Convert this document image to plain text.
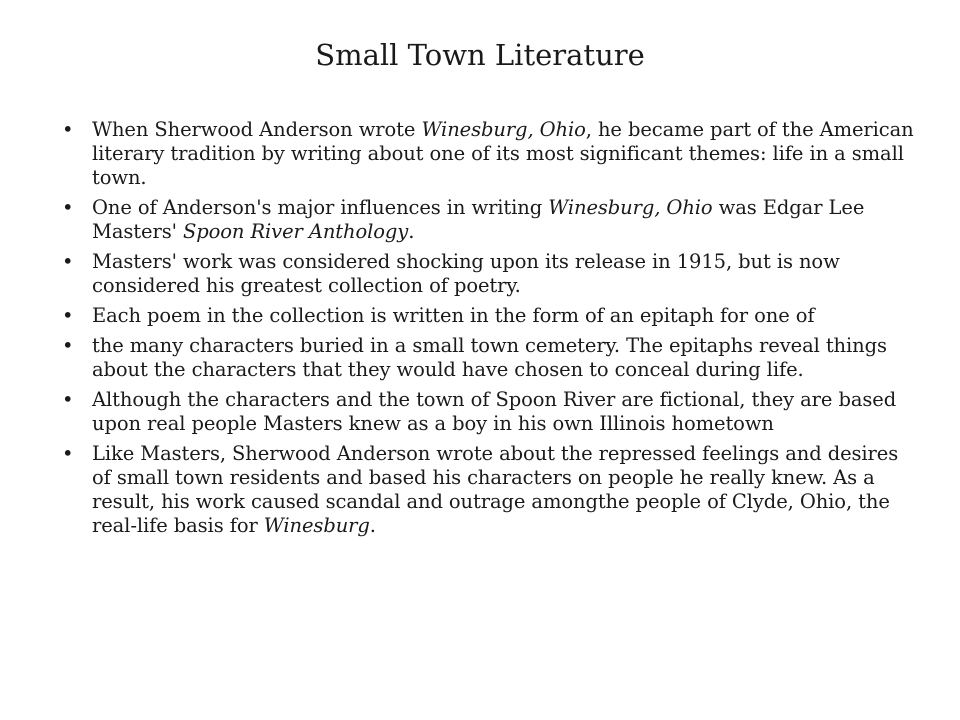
Small Town Literature
• When Sherwood Anderson wrote Winesburg, Ohio, he became part of the American literary tradition by writing about one of its most significant themes: life in a small town.
• One of Anderson's major influences in writing Winesburg, Ohio was Edgar Lee Masters' Spoon River Anthology.
• Masters' work was considered shocking upon its release in 1915, but is now considered his greatest collection of poetry.
• Each poem in the collection is written in the form of an epitaph for one of
• the many characters buried in a small town cemetery. The epitaphs reveal things about the characters that they would have chosen to conceal during life.
• Although the characters and the town of Spoon River are fictional, they are based upon real people Masters knew as a boy in his own Illinois hometown
• Like Masters, Sherwood Anderson wrote about the repressed feelings and desires of small town residents and based his characters on people he really knew. As a result, his work caused scandal and outrage amongthe people of Clyde, Ohio, the real-life basis for Winesburg.
